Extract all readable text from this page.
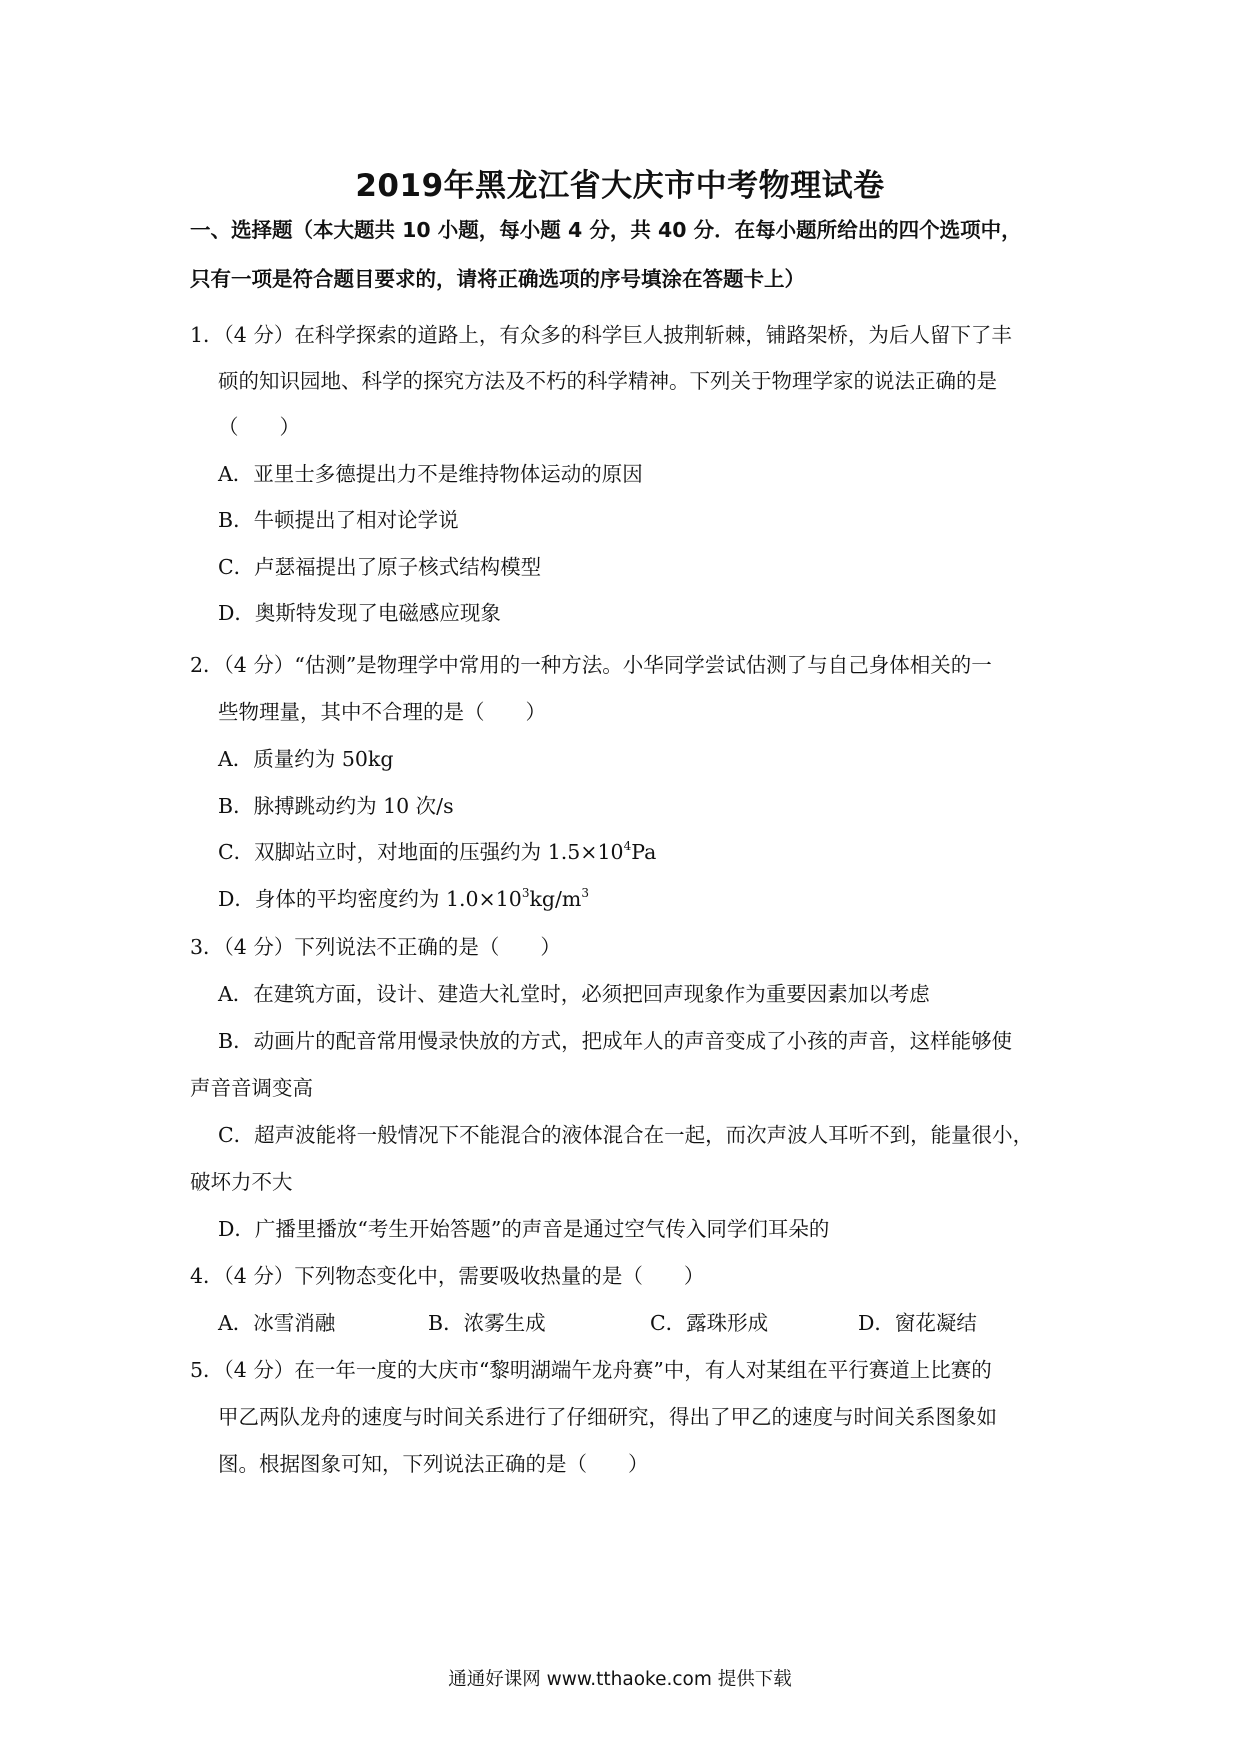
2019年黑龙江省大庆市中考物理试卷
一、选择题（本大题共 10 小题，每小题 4 分，共 40 分．在每小题所给出的四个选项中，
只有一项是符合题目要求的，请将正确选项的序号填涂在答题卡上）
1．（4 分）在科学探索的道路上，有众多的科学巨人披荆斩棘，铺路架桥，为后人留下了丰
硕的知识园地、科学的探究方法及不朽的科学精神。下列关于物理学家的说法正确的是
（　　）
A．亚里士多德提出力不是维持物体运动的原因
B．牛顿提出了相对论学说
C．卢瑟福提出了原子核式结构模型
D．奥斯特发现了电磁感应现象
2．（4 分）“估测”是物理学中常用的一种方法。小华同学尝试估测了与自己身体相关的一
些物理量，其中不合理的是（　　）
A．质量约为 50kg
B．脉搏跳动约为 10 次/s
C．双脚站立时，对地面的压强约为 $1.5\times 10^4Pa$
D．身体的平均密度约为 $1.0\times 10^3kg/m^3$
3．（4 分）下列说法不正确的是（　　）
A．在建筑方面，设计、建造大礼堂时，必须把回声现象作为重要因素加以考虑
B．动画片的配音常用慢录快放的方式，把成年人的声音变成了小孩的声音，这样能够使
声音音调变高
C．超声波能将一般情况下不能混合的液体混合在一起，而次声波人耳听不到，能量很小，
破坏力不大
D．广播里播放“考生开始答题”的声音是通过空气传入同学们耳朵的
4．（4 分）下列物态变化中，需要吸收热量的是（　　）
A．冰雪消融	B．浓雾生成	C．露珠形成	D．窗花凝结
5．（4 分）在一年一度的大庆市“黎明湖端午龙舟赛”中，有人对某组在平行赛道上比赛的
甲乙两队龙舟的速度与时间关系进行了仔细研究，得出了甲乙的速度与时间关系图象如
图。根据图象可知，下列说法正确的是（　　）
通通好课网 www.tthaoke.com 提供下载
